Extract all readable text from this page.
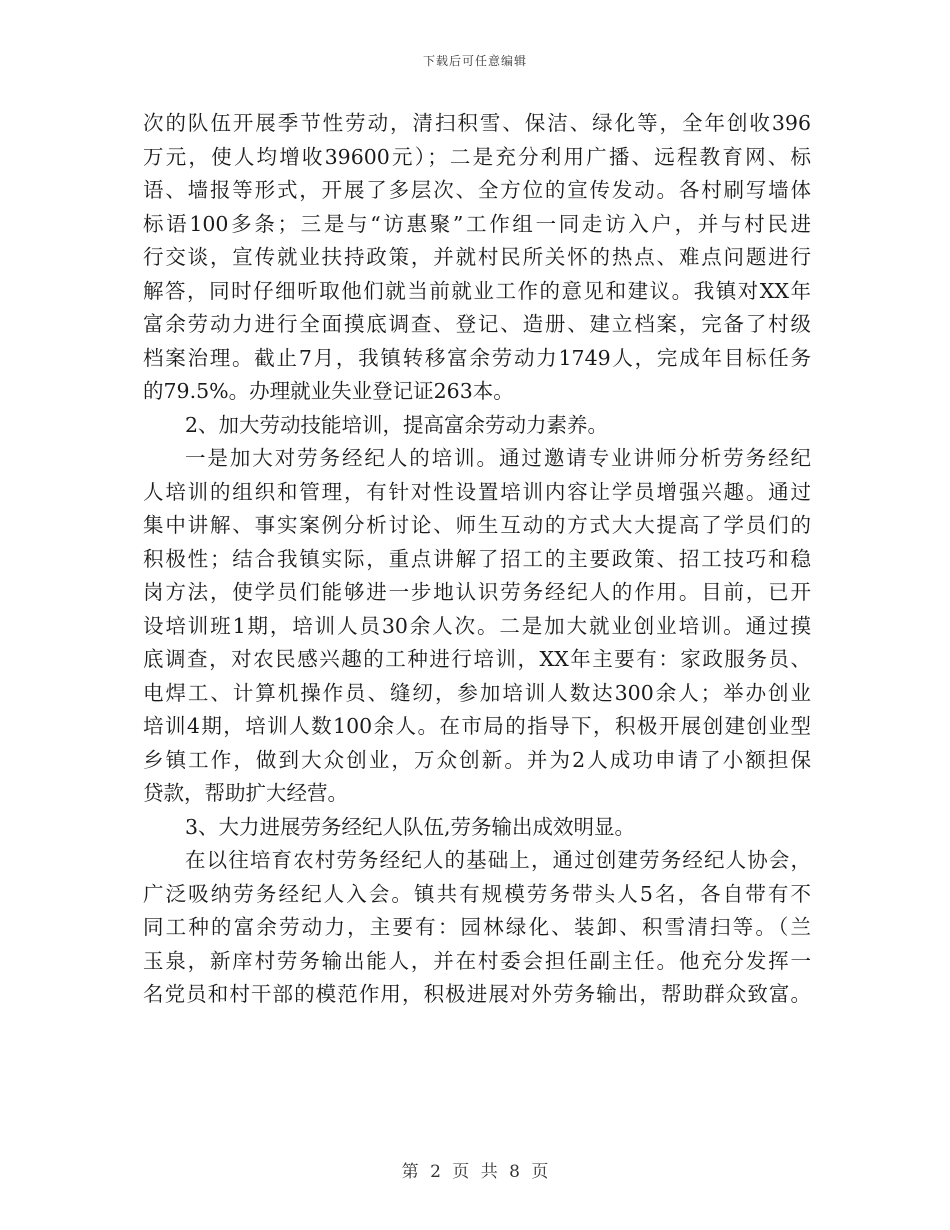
下载后可任意编辑
次的队伍开展季节性劳动，清扫积雪、保洁、绿化等，全年创收396
万元，使人均增收39600元）；二是充分利用广播、远程教育网、标
语、墙报等形式，开展了多层次、全方位的宣传发动。各村刷写墙体
标语100多条；三是与“访惠聚”工作组一同走访入户，并与村民进
行交谈，宣传就业扶持政策，并就村民所关怀的热点、难点问题进行
解答，同时仔细听取他们就当前就业工作的意见和建议。我镇对XX年
富余劳动力进行全面摸底调查、登记、造册、建立档案，完备了村级
档案治理。截止7月，我镇转移富余劳动力1749人，完成年目标任务
的79.5%。办理就业失业登记证263本。
2、加大劳动技能培训，提高富余劳动力素养。
一是加大对劳务经纪人的培训。通过邀请专业讲师分析劳务经纪
人培训的组织和管理，有针对性设置培训内容让学员增强兴趣。通过
集中讲解、事实案例分析讨论、师生互动的方式大大提高了学员们的
积极性；结合我镇实际，重点讲解了招工的主要政策、招工技巧和稳
岗方法，使学员们能够进一步地认识劳务经纪人的作用。目前，已开
设培训班1期，培训人员30余人次。二是加大就业创业培训。通过摸
底调查，对农民感兴趣的工种进行培训，XX年主要有：家政服务员、
电焊工、计算机操作员、缝纫，参加培训人数达300余人；举办创业
培训4期，培训人数100余人。在市局的指导下，积极开展创建创业型
乡镇工作，做到大众创业，万众创新。并为2人成功申请了小额担保
贷款，帮助扩大经营。
3、大力进展劳务经纪人队伍,劳务输出成效明显。
在以往培育农村劳务经纪人的基础上，通过创建劳务经纪人协会，
广泛吸纳劳务经纪人入会。镇共有规模劳务带头人5名，各自带有不
同工种的富余劳动力，主要有：园林绿化、装卸、积雪清扫等。（兰
玉泉，新庠村劳务输出能人，并在村委会担任副主任。他充分发挥一
名党员和村干部的模范作用，积极进展对外劳务输出，帮助群众致富。
第 2 页 共 8 页
